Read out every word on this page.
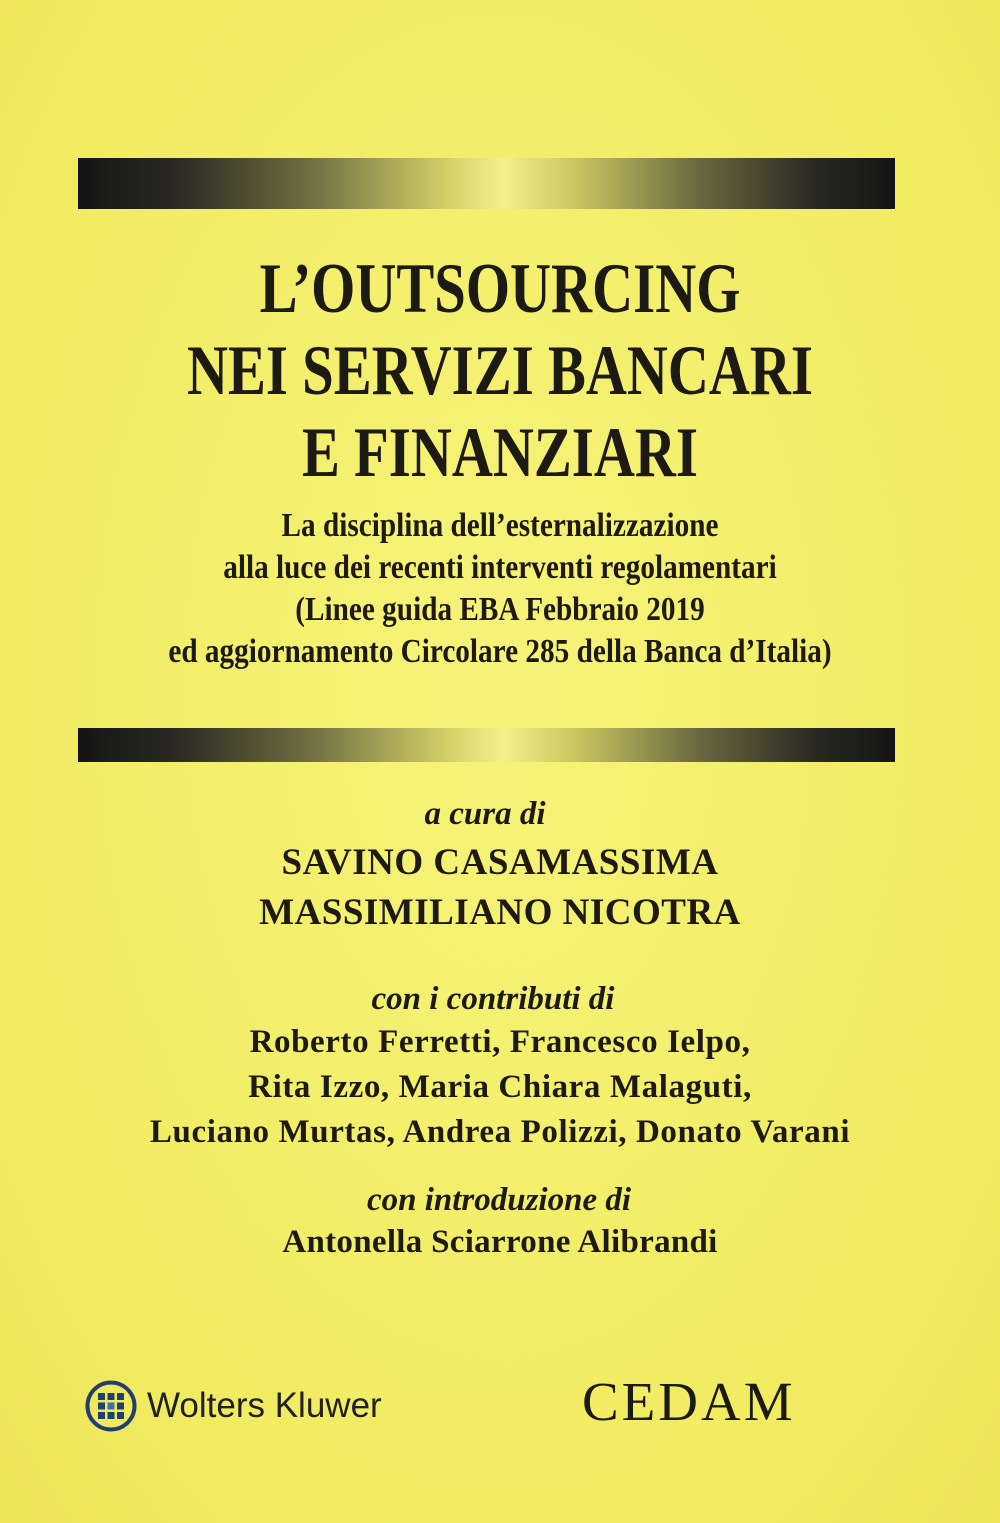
L’OUTSOURCING
NEI SERVIZI BANCARI
E FINANZIARI
La disciplina dell’esternalizzazione
alla luce dei recenti interventi regolamentari
(Linee guida EBA Febbraio 2019
ed aggiornamento Circolare 285 della Banca d’Italia)
a cura di
SAVINO CASAMASSIMA
MASSIMILIANO NICOTRA
con i contributi di
Roberto Ferretti, Francesco Ielpo,
Rita Izzo, Maria Chiara Malaguti,
Luciano Murtas, Andrea Polizzi, Donato Varani
con introduzione di
Antonella Sciarrone Alibrandi
Wolters Kluwer	CEDAM
